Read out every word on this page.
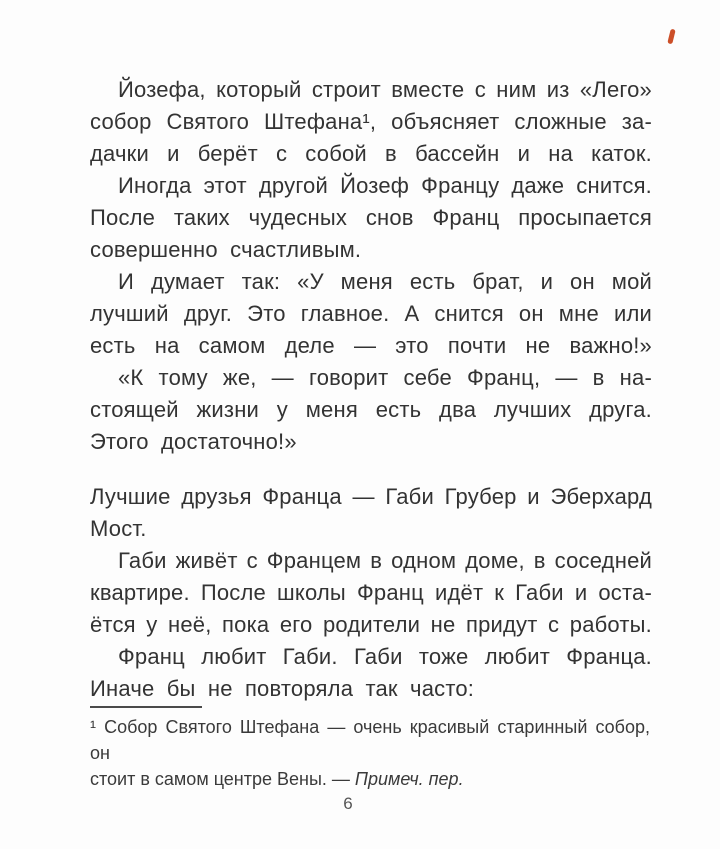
Йозефа, который строит вместе с ним из «Лего»
собор Святого Штефана¹, объясняет сложные за-
дачки и берёт с собой в бассейн и на каток.
Иногда этот другой Йозеф Францу даже снится.
После таких чудесных снов Франц просыпается
совершенно счастливым.
И думает так: «У меня есть брат, и он мой
лучший друг. Это главное. А снится он мне или
есть на самом деле — это почти не важно!»
«К тому же, — говорит себе Франц, — в на-
стоящей жизни у меня есть два лучших друга.
Этого достаточно!»
Лучшие друзья Франца — Габи Грубер и Эберхард
Мост.
Габи живёт с Францем в одном доме, в соседней
квартире. После школы Франц идёт к Габи и оста-
ётся у неё, пока его родители не придут с работы.
Франц любит Габи. Габи тоже любит Франца.
Иначе бы не повторяла так часто:
¹ Собор Святого Штефана — очень красивый старинный собор, он
стоит в самом центре Вены. — Примеч. пер.
6
